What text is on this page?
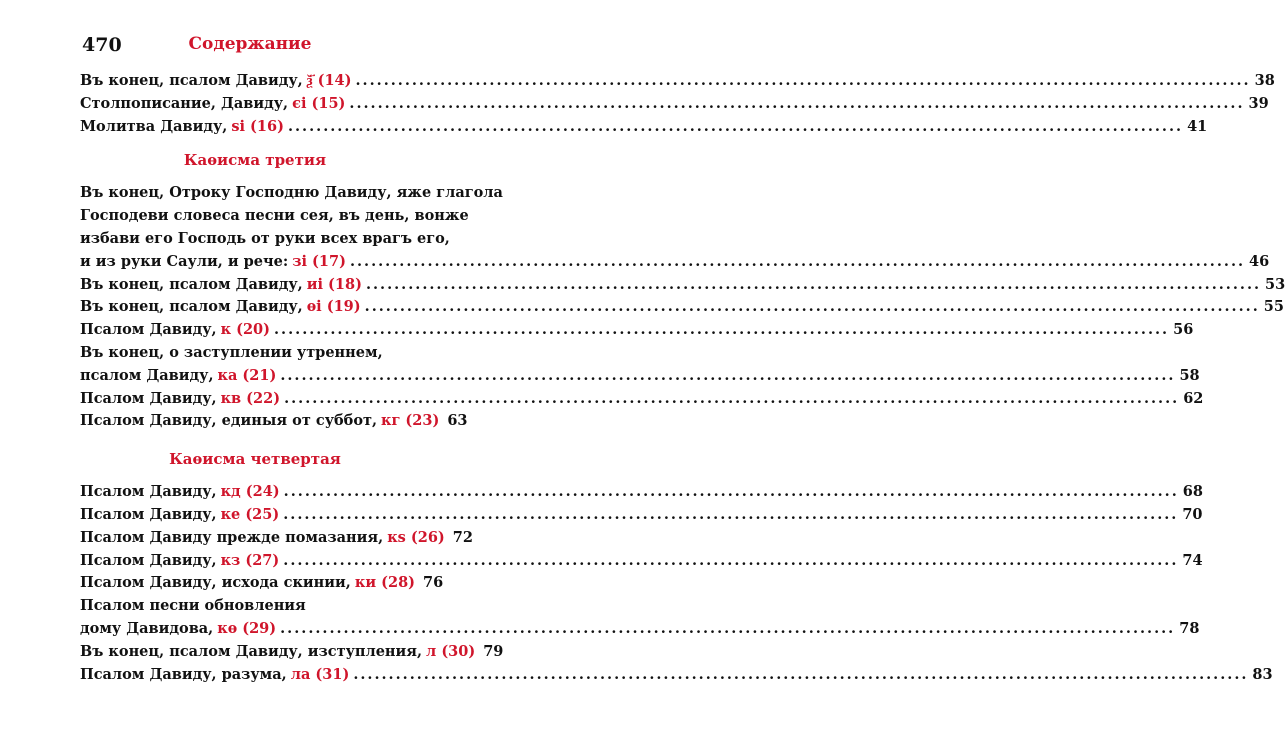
470	Содержание
Въ конец, псалом Давиду, ѯ҃ (14) .....	38
Столпописание, Давиду, єі (15) .....	39
Молитва Давиду, ѕі (16) .....	41
Каѳисма третия
Въ конец, Отроку Господню Давиду, яже глагола
Господеви словеса песни сея, въ день, вонже
избави его Господь от руки всех врагъ его,
и из руки Саули, и рече: зі (17) .....	46
Въ конец, псалом Давиду, иі (18) .....	53
Въ конец, псалом Давиду, ѳі (19) .....	55
Псалом Давиду, к (20) .....	56
Въ конец, о заступлении утреннем,
псалом Давиду, ка (21) .....	58
Псалом Давиду, кв (22) .....	62
Псалом Давиду, единыя от суббот, кг (23) 63
Каѳисма четвертая
Псалом Давиду, кд (24) .....	68
Псалом Давиду, ке (25) .....	70
Псалом Давиду прежде помазания, кѕ (26) 72
Псалом Давиду, кз (27) .....	74
Псалом Давиду, исхода скинии, ки (28) 76
Псалом песни обновления
дому Давидова, кѳ (29) .....	78
Въ конец, псалом Давиду, изступления, л (30) 79
Псалом Давиду, разума, ла (31) .....	83
